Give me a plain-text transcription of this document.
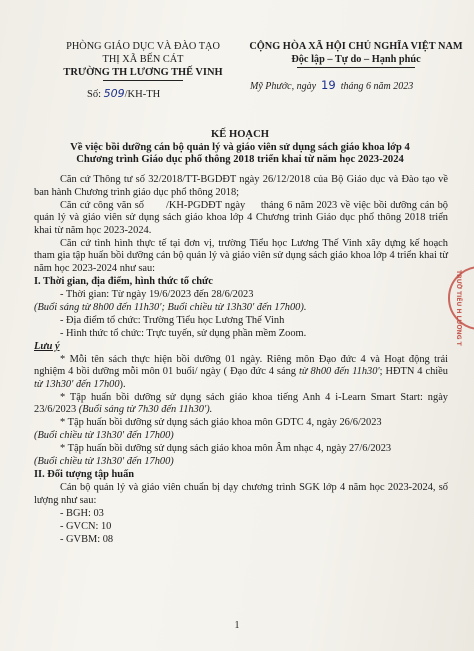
PHÒNG GIÁO DỤC VÀ ĐÀO TẠO
THỊ XÃ BẾN CÁT
TRƯỜNG TH LƯƠNG THẾ VINH
CỘNG HÒA XÃ HỘI CHỦ NGHĨA VIỆT NAM
Độc lập – Tự do – Hạnh phúc
Số: 509/KH-TH
Mỹ Phước, ngày 19 tháng 6 năm 2023
KẾ HOẠCH
Về việc bồi dưỡng cán bộ quản lý và giáo viên sử dụng sách giáo khoa lớp 4
Chương trình Giáo dục phổ thông 2018 triển khai từ năm học 2023-2024

Căn cứ Thông tư số 32/2018/TT-BGDĐT ngày 26/12/2018 của Bộ Giáo dục và Đào tạo về ban hành Chương trình giáo dục phổ thông 2018;

Căn cứ công văn số       /KH-PGDĐT ngày     tháng 6 năm 2023 về việc bồi dưỡng cán bộ quản lý và giáo viên sử dụng sách giáo khoa lớp 4 Chương trình Giáo dục phổ thông 2018 triển khai từ năm học 2023-2024.

Căn cứ tình hình thực tế tại đơn vị, trường Tiểu học Lương Thế Vinh xây dựng kế hoạch tham gia tập huấn bồi dưỡng cán bộ quản lý và giáo viên sử dụng sách giáo khoa lớp 4 triển khai từ năm học 2023-2024 như sau:

I. Thời gian, địa điểm, hình thức tổ chức

- Thời gian: Từ ngày 19/6/2023 đến 28/6/2023

(Buổi sáng từ 8h00 đến 11h30'; Buổi chiều từ 13h30' đến 17h00).

- Địa điểm tổ chức: Trường Tiểu học Lương Thế Vinh

- Hình thức tổ chức: Trực tuyến, sử dụng phần mềm Zoom.

Lưu ý

* Mỗi tên sách thực hiện bồi dưỡng 01 ngày. Riêng môn Đạo đức 4 và Hoạt động trải nghiệm 4 bồi dưỡng mỗi môn 01 buổi/ ngày ( Đạo đức 4 sáng từ 8h00 đến 11h30'; HĐTN 4 chiều từ 13h30' đến 17h00).

* Tập huấn bồi dưỡng sử dụng sách giáo khoa tiếng Anh 4 i-Learn Smart Start: ngày 23/6/2023 (Buổi sáng từ 7h30 đến 11h30').

* Tập huấn bồi dưỡng sử dụng sách giáo khoa môn GDTC 4, ngày 26/6/2023

(Buổi chiều từ 13h30' đến 17h00)

* Tập huấn bồi dưỡng sử dụng sách giáo khoa môn Âm nhạc 4, ngày 27/6/2023

(Buổi chiều từ 13h30' đến 17h00)

II. Đối tượng tập huấn

Cán bộ quản lý và giáo viên chuẩn bị dạy chương trình SGK lớp 4 năm học 2023-2024, số lượng như sau:

- BGH: 03

- GVCN: 10

- GVBM: 08

TRƯỜ TIỂU H LƯƠNG T
1
